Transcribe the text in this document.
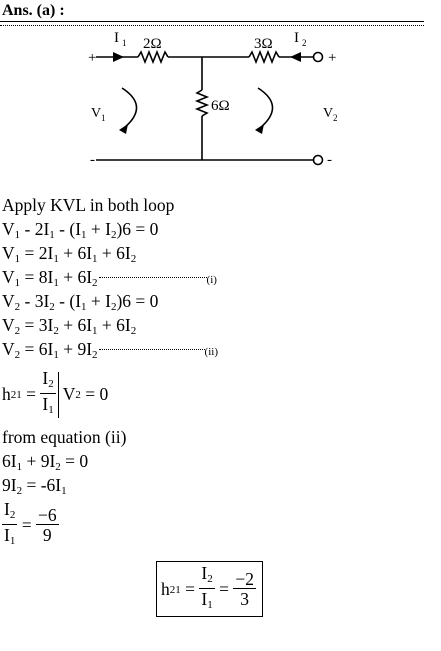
Ans. (a) :
+	+
-	-
2Ω	3Ω
6Ω
I 1	I 2
V 1	V 2
Apply KVL in both loop
$V_1 - 2I_1 - (I_1 + I_2)6 = 0$
$V_1 = 2I_1 + 6I_1 + 6I_2$
$V_1 = 8I_1 + 6I_2$	(i)
$V_2 - 3I_2 - (I_1 + I_2)6 = 0$
$V_2 = 3I_2 + 6I_1 + 6I_2$
$V_2 = 6I_1 + 9I_2$	(ii)
h $21 = \frac{I_2}{I_1}$ V 2 = 0
from equation (ii)
$6I_1 + 9I_2 = 0$
$9I_2 = -6I_1$
$\frac{I_2}{I_1} = \frac{-6}{9}$
h $21 = \frac{I_2}{I_1} = \frac{-2}{3}$
